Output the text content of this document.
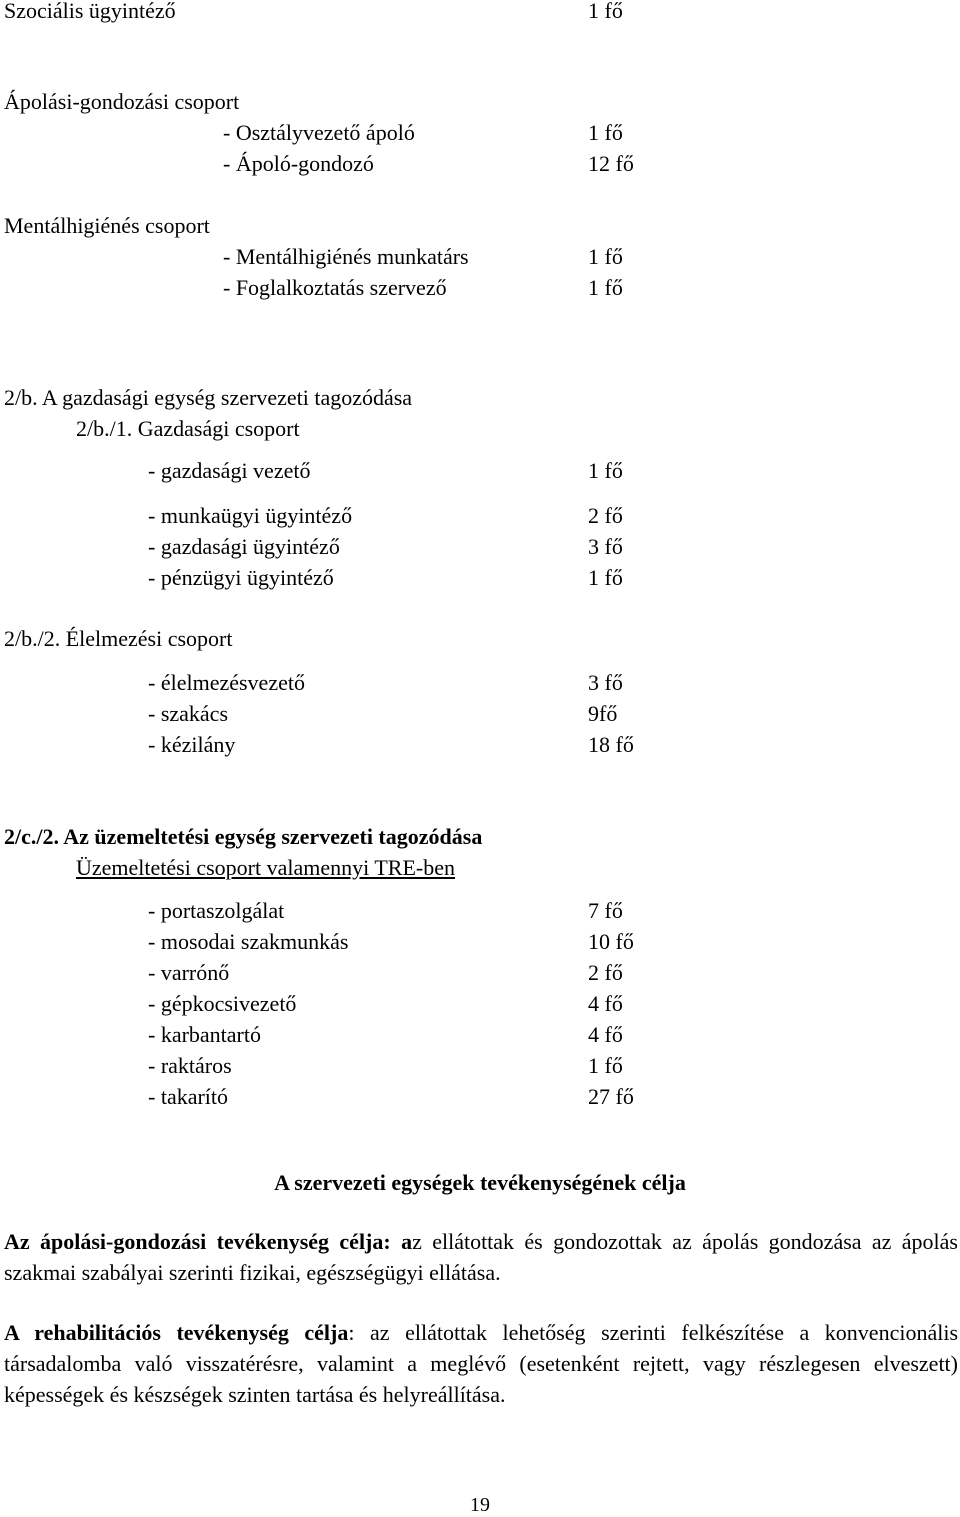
Szociális ügyintéző	1 fő
Ápolási-gondozási csoport
- Osztályvezető ápoló	1 fő
- Ápoló-gondozó	12 fő
Mentálhigiénés csoport
- Mentálhigiénés munkatárs	1 fő
- Foglalkoztatás szervező	1 fő
2/b. A gazdasági egység szervezeti tagozódása
2/b./1. Gazdasági csoport
- gazdasági vezető	1 fő
- munkaügyi ügyintéző	2 fő
- gazdasági ügyintéző	3 fő
- pénzügyi ügyintéző	1 fő
2/b./2. Élelmezési csoport
- élelmezésvezető	3 fő
- szakács	9fő
- kézilány	18 fő
2/c./2. Az üzemeltetési egység szervezeti tagozódása
Üzemeltetési csoport valamennyi TRE-ben
- portaszolgálat	7 fő
- mosodai szakmunkás	10 fő
- varrónő	2 fő
- gépkocsivezető	4 fő
- karbantartó	4 fő
- raktáros	1 fő
- takarító	27 fő
A szervezeti egységek tevékenységének célja
Az ápolási-gondozási tevékenység célja: az ellátottak és gondozottak az ápolás gondozása az ápolás szakmai szabályai szerinti fizikai, egészségügyi ellátása.
A rehabilitációs tevékenység célja: az ellátottak lehetőség szerinti felkészítése a konvencionális társadalomba való visszatérésre, valamint a meglévő (esetenként rejtett, vagy részlegesen elveszett) képességek és készségek szinten tartása és helyreállítása.
19
